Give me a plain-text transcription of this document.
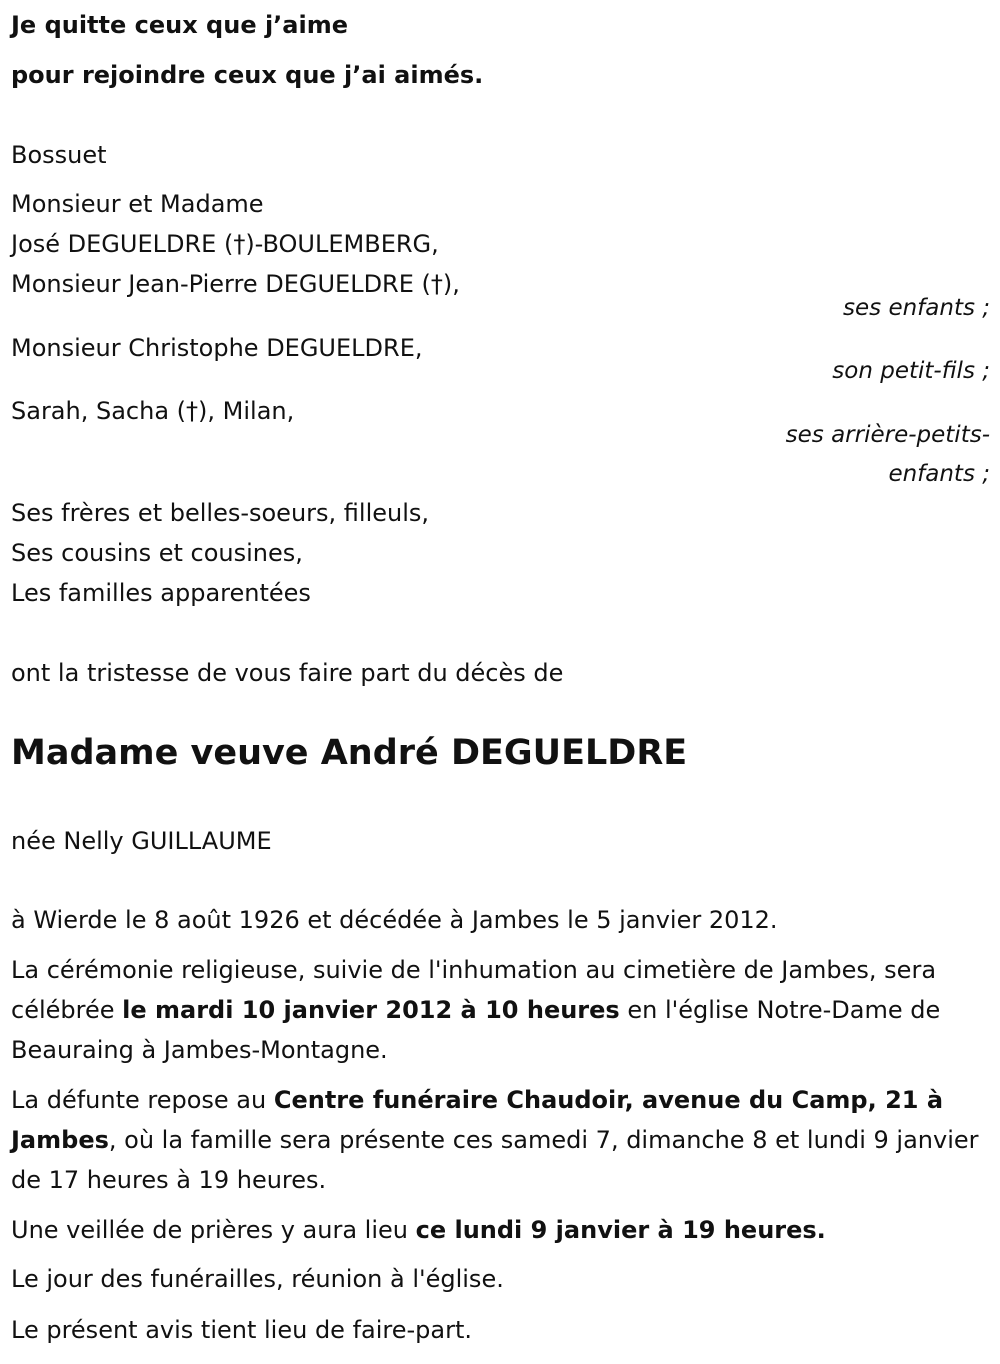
Je quitte ceux que j’aime
pour rejoindre ceux que j’ai aimés.
Bossuet
Monsieur et Madame
José DEGUELDRE (†)-BOULEMBERG,
Monsieur Jean-Pierre DEGUELDRE (†),
ses enfants ;
Monsieur Christophe DEGUELDRE,
son petit-fils ;
Sarah, Sacha (†), Milan,
ses arrière-petits-
enfants ;
Ses frères et belles-soeurs, filleuls,
Ses cousins et cousines,
Les familles apparentées
ont la tristesse de vous faire part du décès de
Madame veuve André DEGUELDRE
née Nelly GUILLAUME
à Wierde le 8 août 1926 et décédée à Jambes le 5 janvier 2012.
La cérémonie religieuse, suivie de l'inhumation au cimetière de Jambes, sera célébrée le mardi 10 janvier 2012 à 10 heures en l'église Notre-Dame de Beauraing à Jambes-Montagne.
La défunte repose au Centre funéraire Chaudoir, avenue du Camp, 21 à Jambes, où la famille sera présente ces samedi 7, dimanche 8 et lundi 9 janvier de 17 heures à 19 heures.
Une veillée de prières y aura lieu ce lundi 9 janvier à 19 heures.
Le jour des funérailles, réunion à l'église.
Le présent avis tient lieu de faire-part.
